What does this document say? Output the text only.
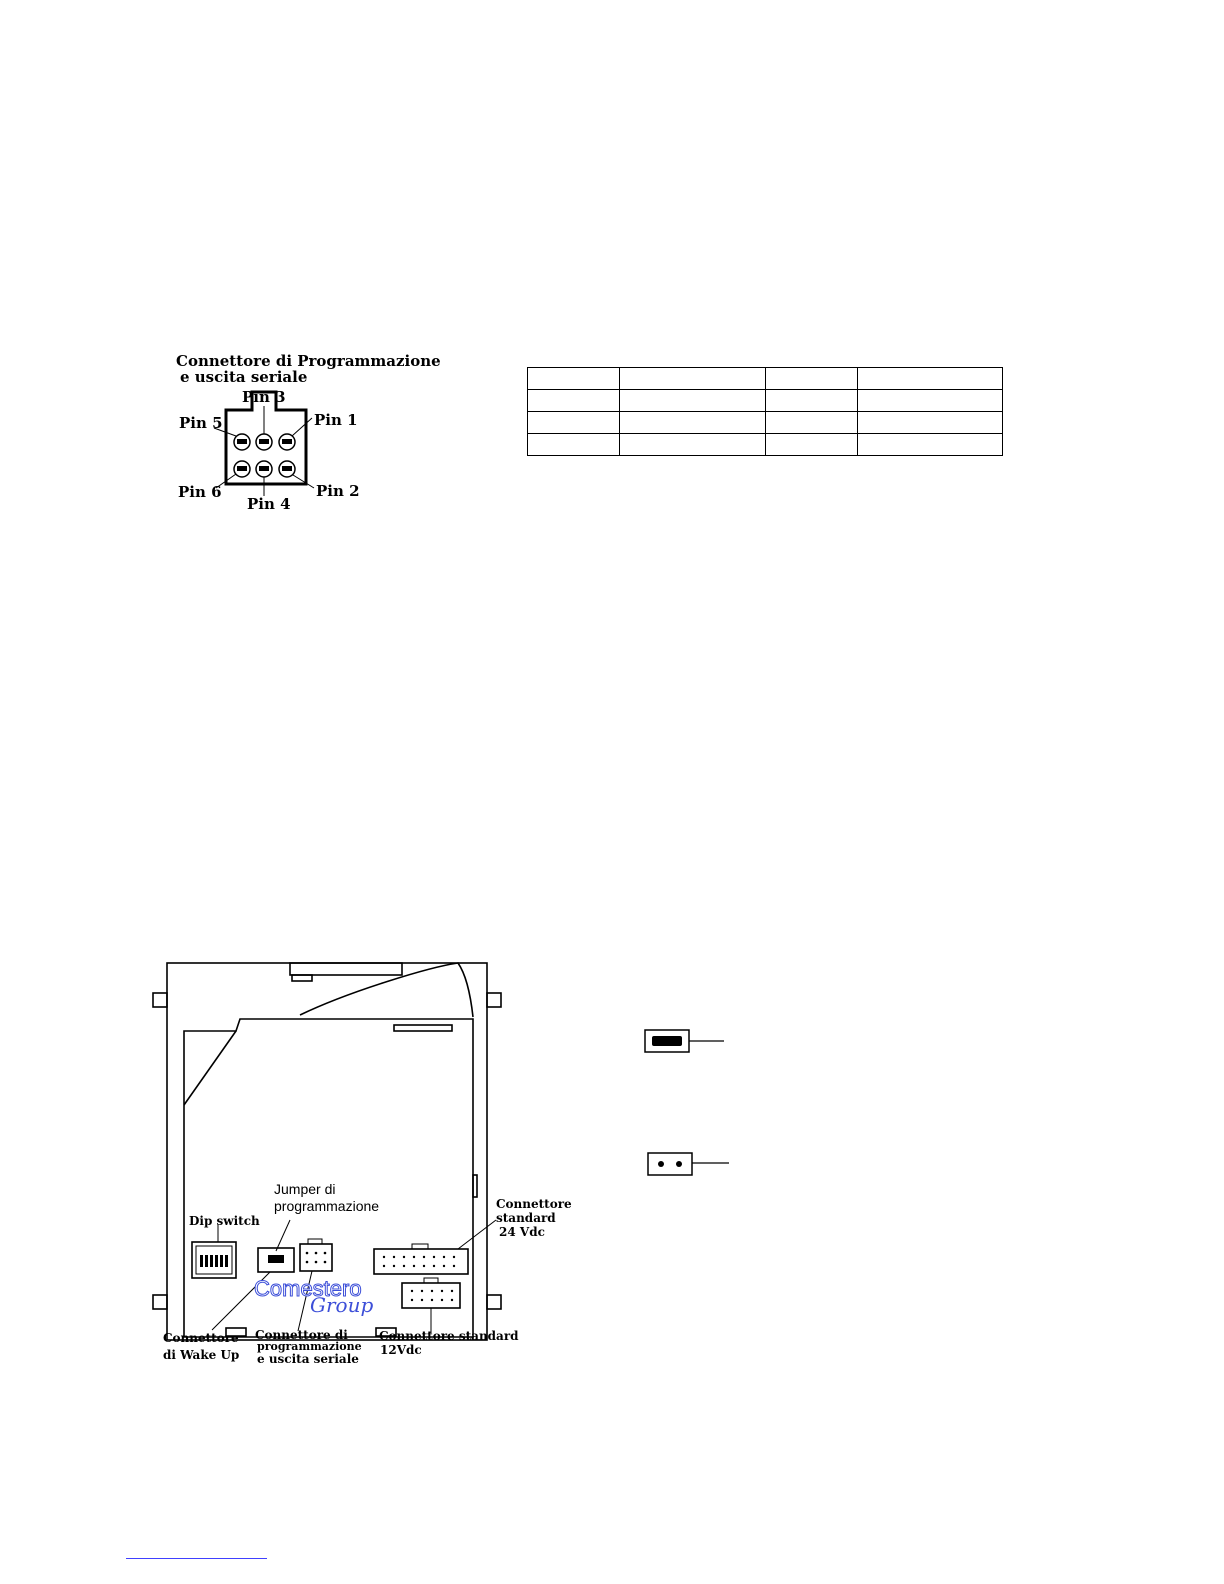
Connettore di Programmazione
e uscita seriale
Pin 3
Pin 5	Pin 1
Pin 6	Pin 2
Pin 4

Dip switch
Jumper di
programmazione	Connettore
standard
24 Vdc
Connettore
di Wake Up
Connettore di
programmazione
e uscita seriale
Connettore standard
12Vdc
Comestero
Group
